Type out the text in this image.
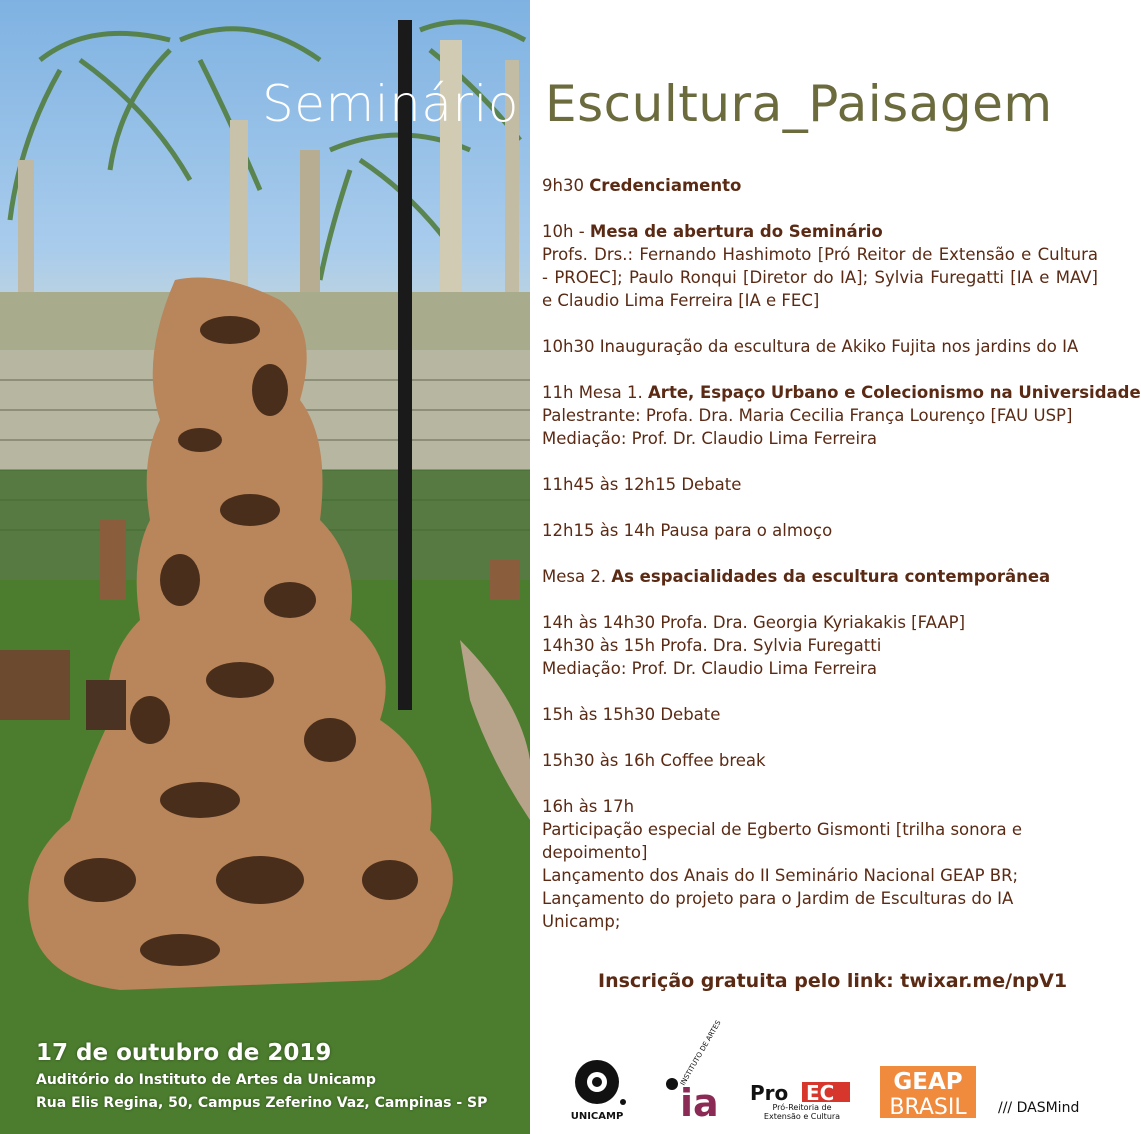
Seminário Escultura_Paisagem

9h30 Credenciamento

10h - Mesa de abertura do Seminário

Profs. Drs.: Fernando Hashimoto [Pró Reitor de Extensão e Cultura - PROEC]; Paulo Ronqui [Diretor do IA]; Sylvia Furegatti [IA e MAV] e Claudio Lima Ferreira [IA e FEC]

10h30 Inauguração da escultura de Akiko Fujita nos jardins do IA

11h Mesa 1. Arte, Espaço Urbano e Colecionismo na Universidade

Palestrante: Profa. Dra. Maria Cecilia França Lourenço [FAU USP]

Mediação: Prof. Dr. Claudio Lima Ferreira

11h45 às 12h15 Debate

12h15 às 14h Pausa para o almoço

Mesa 2. As espacialidades da escultura contemporânea

14h às 14h30 Profa. Dra. Georgia Kyriakakis [FAAP]

14h30 às 15h Profa. Dra. Sylvia Furegatti

Mediação: Prof. Dr. Claudio Lima Ferreira

15h às 15h30 Debate

15h30 às 16h Coffee break

16h às 17h

Participação especial de Egberto Gismonti [trilha sonora e depoimento]

Lançamento dos Anais do II Seminário Nacional GEAP BR;

Lançamento do projeto para o Jardim de Esculturas do IA Unicamp;

Inscrição gratuita pelo link: twixar.me/npV1
17 de outubro de 2019
Auditório do Instituto de Artes da Unicamp
Rua Elis Regina, 50, Campus Zeferino Vaz, Campinas - SP
UNICAMP ia
INSTITUTO DE ARTES
Pro EC
Pró-Reitoria de
Extensão e Cultura
GEAP
BRASIL /// DASMind
